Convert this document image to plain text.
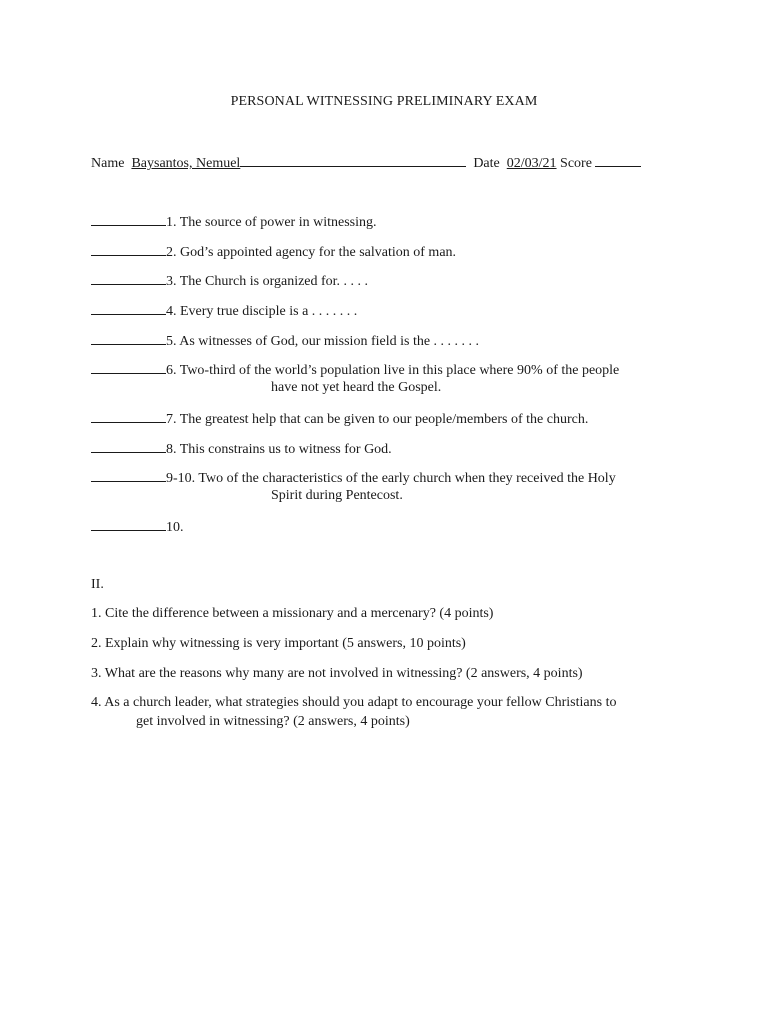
PERSONAL WITNESSING PRELIMINARY EXAM
Name Baysantos, Nemuel	Date 02/03/21 Score
1. The source of power in witnessing.
2. God’s appointed agency for the salvation of man.
3. The Church is organized for. . . . .
4. Every true disciple is a . . . . . . .
5. As witnesses of God, our mission field is the . . . . . . .
6. Two-third of the world’s population live in this place where 90% of the people
have not yet heard the Gospel.
7. The greatest help that can be given to our people/members of the church.
8. This constrains us to witness for God.
9-10. Two of the characteristics of the early church when they received the Holy
Spirit during Pentecost.
10.
II.
1. Cite the difference between a missionary and a mercenary? (4 points)
2. Explain why witnessing is very important (5 answers, 10 points)
3. What are the reasons why many are not involved in witnessing? (2 answers, 4 points)
4. As a church leader, what strategies should you adapt to encourage your fellow Christians to
get involved in witnessing? (2 answers, 4 points)
